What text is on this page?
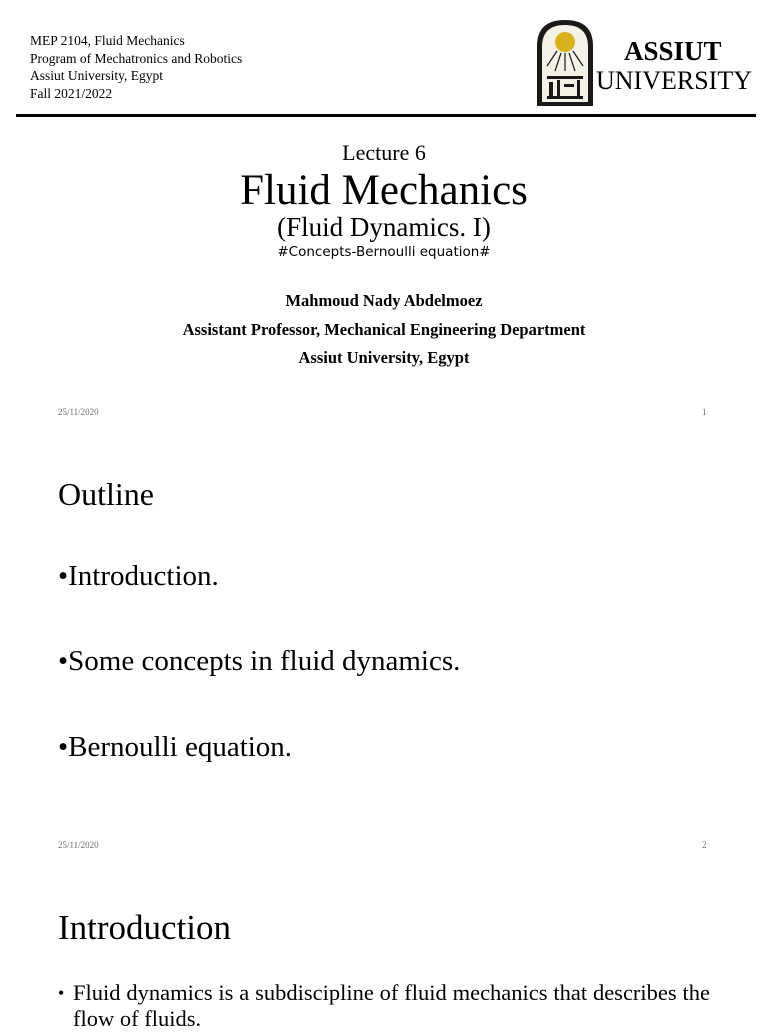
MEP 2104, Fluid Mechanics
Program of Mechatronics and Robotics
Assiut University, Egypt
Fall 2021/2022
ASSIUT
UNIVERSITY
Lecture 6
Fluid Mechanics
(Fluid Dynamics. I)
#Concepts-Bernoulli equation#
Mahmoud Nady Abdelmoez
Assistant Professor, Mechanical Engineering Department
Assiut University, Egypt
25/11/2020	1
Outline
•Introduction.
•Some concepts in fluid dynamics.
•Bernoulli equation.
25/11/2020	2
Introduction
• Fluid dynamics is a subdiscipline of fluid mechanics that describes the flow of fluids.
